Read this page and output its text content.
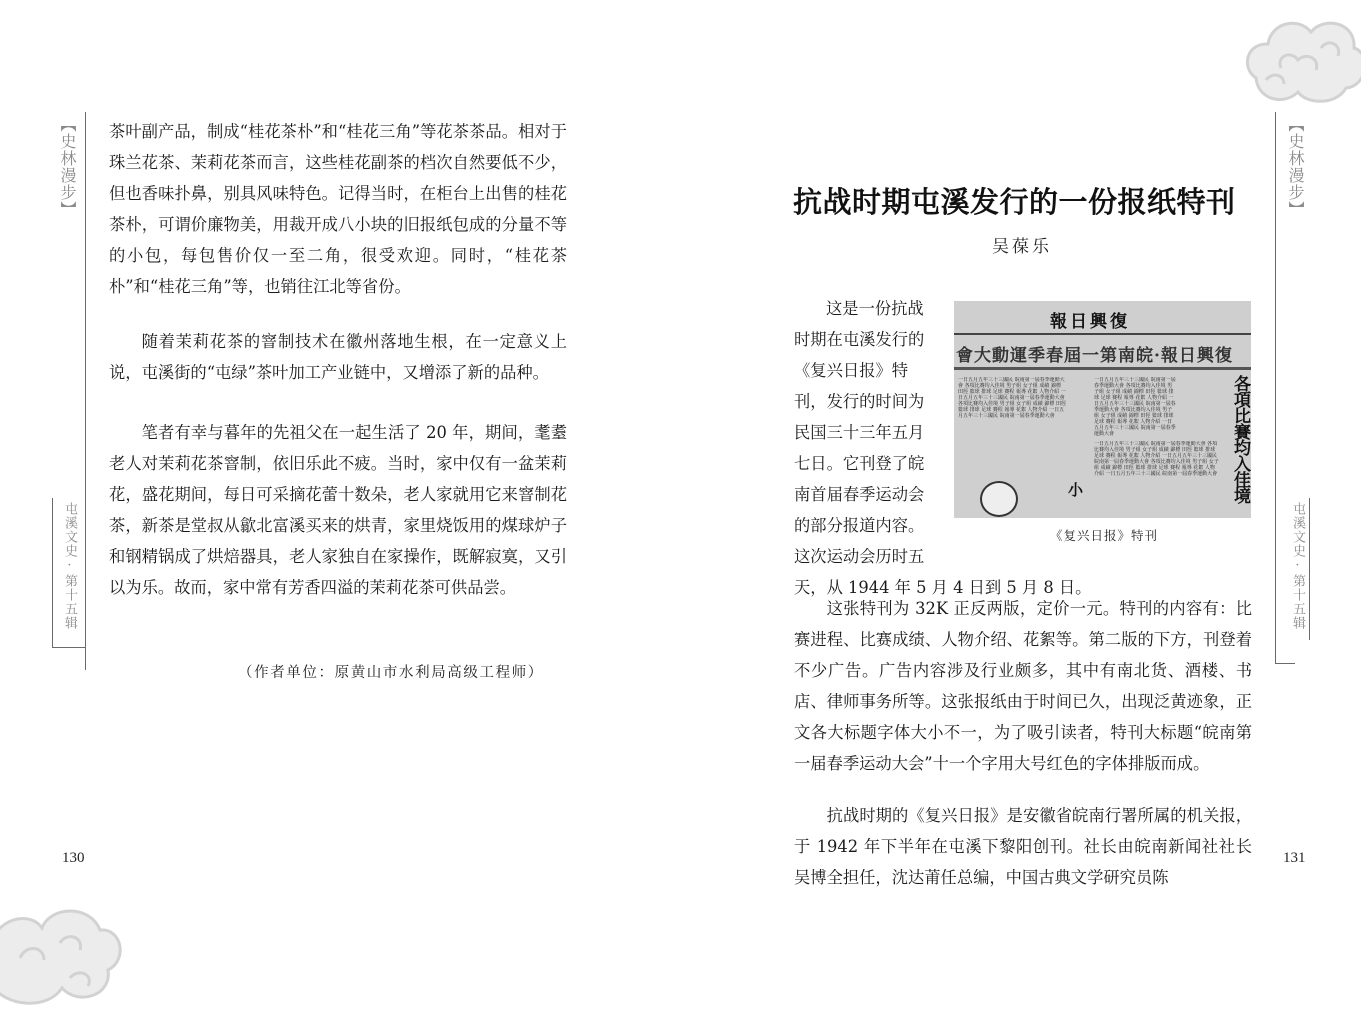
【史林漫步】
屯溪文史·第十五辑
130

茶叶副产品，制成“桂花茶朴”和“桂花三角”等花茶茶品。相对于珠兰花茶、茉莉花茶而言，这些桂花副茶的档次自然要低不少，但也香味扑鼻，别具风味特色。记得当时，在柜台上出售的桂花茶朴，可谓价廉物美，用裁开成八小块的旧报纸包成的分量不等的小包，每包售价仅一至二角，很受欢迎。同时，“桂花茶朴”和“桂花三角”等，也销往江北等省份。

随着茉莉花茶的窨制技术在徽州落地生根，在一定意义上说，屯溪街的“屯绿”茶叶加工产业链中，又增添了新的品种。

笔者有幸与暮年的先祖父在一起生活了 20 年，期间，耄耋老人对茉莉花茶窨制，依旧乐此不疲。当时，家中仅有一盆茉莉花，盛花期间，每日可采摘花蕾十数朵，老人家就用它来窨制花茶，新茶是堂叔从歙北富溪买来的烘青，家里烧饭用的煤球炉子和钢精锅成了烘焙器具，老人家独自在家操作，既解寂寞，又引以为乐。故而，家中常有芳香四溢的茉莉花茶可供品尝。

（作者单位：原黄山市水利局高级工程师）
【史林漫步】
屯溪文史·第十五辑
131
抗战时期屯溪发行的一份报纸特刊
吴葆乐
这是一份抗战
时期在屯溪发行的
《复兴日报》特
刊，发行的时间为
民国三十三年五月
七日。它刊登了皖
南首届春季运动会
的部分报道内容。
这次运动会历时五
天，从 1944 年 5 月 4 日到 5 月 8 日。
報日興復
會大動運季春屆一第南皖·報日興復
一日五月五年三十三國民 皖南第一屆春季運動大會 各項比賽均入佳境 男子組 女子組 成績 錦標 田徑 籃球 排球 足球 賽程 報導 花絮 人物介紹 一日五月五年三十三國民 皖南第一屆春季運動大會 各項比賽均入佳境 男子組 女子組 成績 錦標 田徑 籃球 排球 足球 賽程 報導 花絮 人物介紹 一日五月五年三十三國民 皖南第一屆春季運動大會
一日五月五年三十三國民 皖南第一屆春季運動大會 各項比賽均入佳境 男子組 女子組 成績 錦標 田徑 籃球 排球 足球 賽程 報導 花絮 人物介紹 一日五月五年三十三國民 皖南第一屆春季運動大會 各項比賽均入佳境 男子組 女子組 成績 錦標 田徑 籃球 排球 足球 賽程 報導 花絮 人物介紹 一日五月五年三十三國民 皖南第一屆春季運動大會
一日五月五年三十三國民 皖南第一屆春季運動大會 各項比賽均入佳境 男子組 女子組 成績 錦標 田徑 籃球 排球 足球 賽程 報導 花絮 人物介紹 一日五月五年三十三國民 皖南第一屆春季運動大會 各項比賽均入佳境 男子組 女子組 成績 錦標 田徑 籃球 排球 足球 賽程 報導 花絮 人物介紹 一日五月五年三十三國民 皖南第一屆春季運動大會 各項比賽均入佳境
小
《复兴日报》特刊

这张特刊为 32K 正反两版，定价一元。特刊的内容有：比赛进程、比赛成绩、人物介绍、花絮等。第二版的下方，刊登着不少广告。广告内容涉及行业颇多，其中有南北货、酒楼、书店、律师事务所等。这张报纸由于时间已久，出现泛黄迹象，正文各大标题字体大小不一，为了吸引读者，特刊大标题“皖南第一届春季运动大会”十一个字用大号红色的字体排版而成。

抗战时期的《复兴日报》是安徽省皖南行署所属的机关报，于 1942 年下半年在屯溪下黎阳创刊。社长由皖南新闻社社长吴博全担任，沈达莆任总编，中国古典文学研究员陈
